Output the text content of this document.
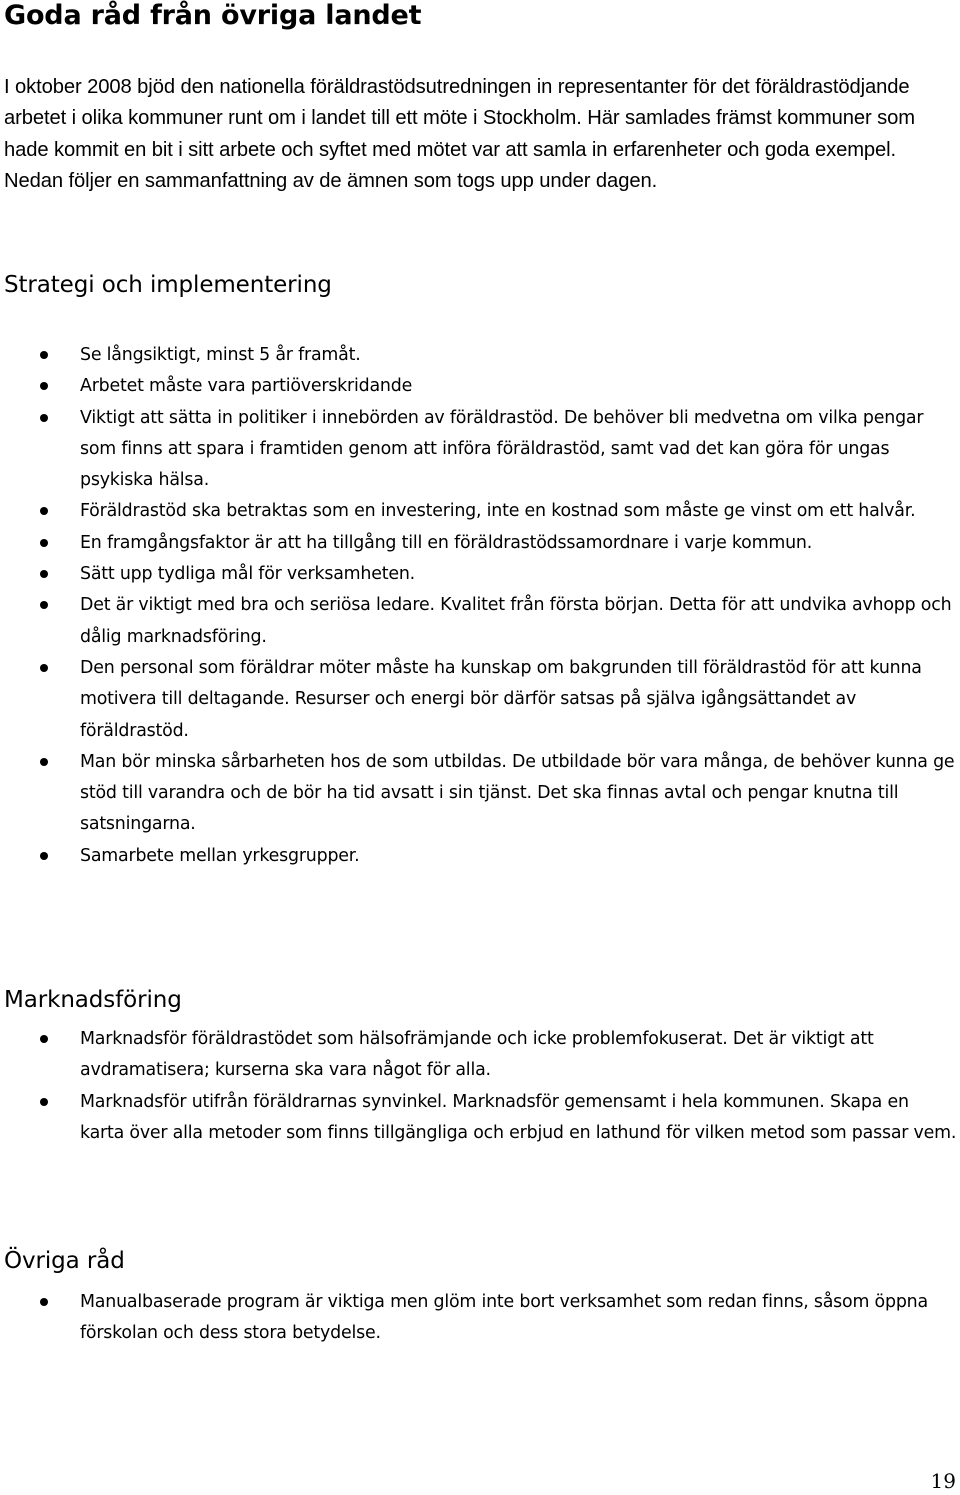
Goda råd från övriga landet

I oktober 2008 bjöd den nationella föräldrastödsutredningen in representanter för det föräldrastödjande arbetet i olika kommuner runt om i landet till ett möte i Stockholm. Här samlades främst kommuner som hade kommit en bit i sitt arbete och syftet med mötet var att samla in erfarenheter och goda exempel. Nedan följer en sammanfattning av de ämnen som togs upp under dagen.

Strategi och implementering
Se långsiktigt, minst 5 år framåt.
Arbetet måste vara partiöverskridande
Viktigt att sätta in politiker i innebörden av föräldrastöd. De behöver bli medvetna om vilka pengar som finns att spara i framtiden genom att införa föräldrastöd, samt vad det kan göra för ungas psykiska hälsa.
Föräldrastöd ska betraktas som en investering, inte en kostnad som måste ge vinst om ett halvår.
En framgångsfaktor är att ha tillgång till en föräldrastödssamordnare i varje kommun.
Sätt upp tydliga mål för verksamheten.
Det är viktigt med bra och seriösa ledare. Kvalitet från första början. Detta för att undvika avhopp och dålig marknadsföring.
Den personal som föräldrar möter måste ha kunskap om bakgrunden till föräldrastöd för att kunna motivera till deltagande. Resurser och energi bör därför satsas på själva igångsättandet av föräldrastöd.
Man bör minska sårbarheten hos de som utbildas. De utbildade bör vara många, de behöver kunna ge stöd till varandra och de bör ha tid avsatt i sin tjänst. Det ska finnas avtal och pengar knutna till satsningarna.
Samarbete mellan yrkesgrupper.
Marknadsföring
Marknadsför föräldrastödet som hälsofrämjande och icke problemfokuserat. Det är viktigt att avdramatisera; kurserna ska vara något för alla.
Marknadsför utifrån föräldrarnas synvinkel. Marknadsför gemensamt i hela kommunen. Skapa en karta över alla metoder som finns tillgängliga och erbjud en lathund för vilken metod som passar vem.
Övriga råd
Manualbaserade program är viktiga men glöm inte bort verksamhet som redan finns, såsom öppna förskolan och dess stora betydelse.
19
